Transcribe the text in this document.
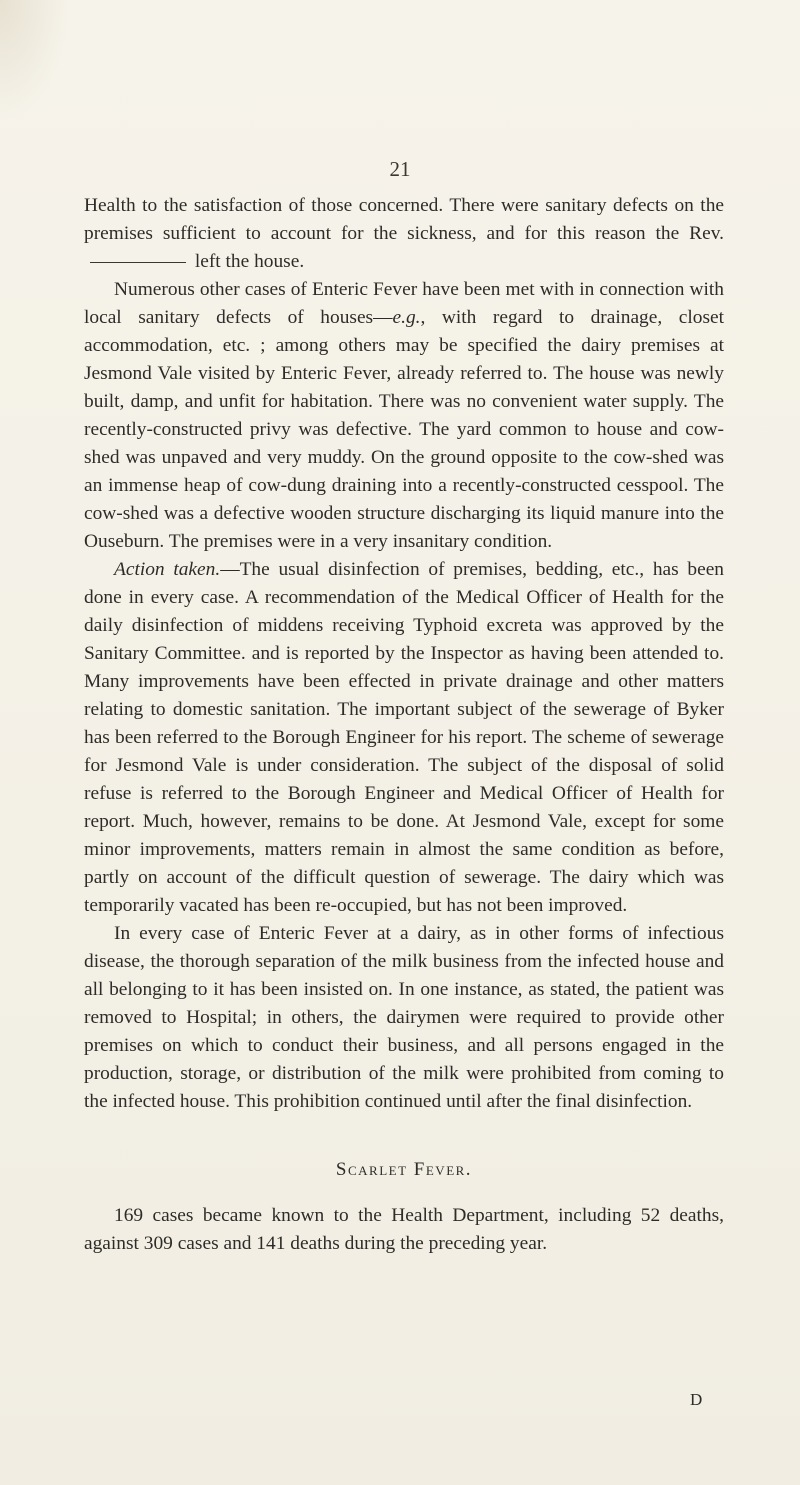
21

Health to the satisfaction of those concerned. There were sanitary defects on the premises sufficient to account for the sickness, and for this reason the Rev.  left the house.

Numerous other cases of Enteric Fever have been met with in connection with local sanitary defects of houses—e.g., with regard to drainage, closet accommodation, etc. ; among others may be specified the dairy premises at Jesmond Vale visited by Enteric Fever, already referred to. The house was newly built, damp, and unfit for habitation. There was no convenient water supply. The recently-constructed privy was defective. The yard common to house and cow-shed was unpaved and very muddy. On the ground opposite to the cow-shed was an immense heap of cow-dung draining into a recently-constructed cesspool. The cow-shed was a defective wooden structure discharging its liquid manure into the Ouseburn. The premises were in a very insanitary condition.

Action taken.—The usual disinfection of premises, bedding, etc., has been done in every case. A recommendation of the Medical Officer of Health for the daily disinfection of middens receiving Typhoid excreta was approved by the Sanitary Committee. and is reported by the Inspector as having been attended to. Many improvements have been effected in private drainage and other matters relating to domestic sanitation. The important subject of the sewerage of Byker has been referred to the Borough Engineer for his report. The scheme of sewerage for Jesmond Vale is under consideration. The subject of the disposal of solid refuse is referred to the Borough Engineer and Medical Officer of Health for report. Much, however, remains to be done. At Jesmond Vale, except for some minor improvements, matters remain in almost the same condition as before, partly on account of the difficult question of sewerage. The dairy which was temporarily vacated has been re-occupied, but has not been improved.

In every case of Enteric Fever at a dairy, as in other forms of infectious disease, the thorough separation of the milk business from the infected house and all belonging to it has been insisted on. In one instance, as stated, the patient was removed to Hospital; in others, the dairymen were required to provide other premises on which to conduct their business, and all persons engaged in the production, storage, or distribution of the milk were prohibited from coming to the infected house. This prohibition continued until after the final disinfection.

Scarlet Fever.

169 cases became known to the Health Department, including 52 deaths, against 309 cases and 141 deaths during the preceding year.

D
